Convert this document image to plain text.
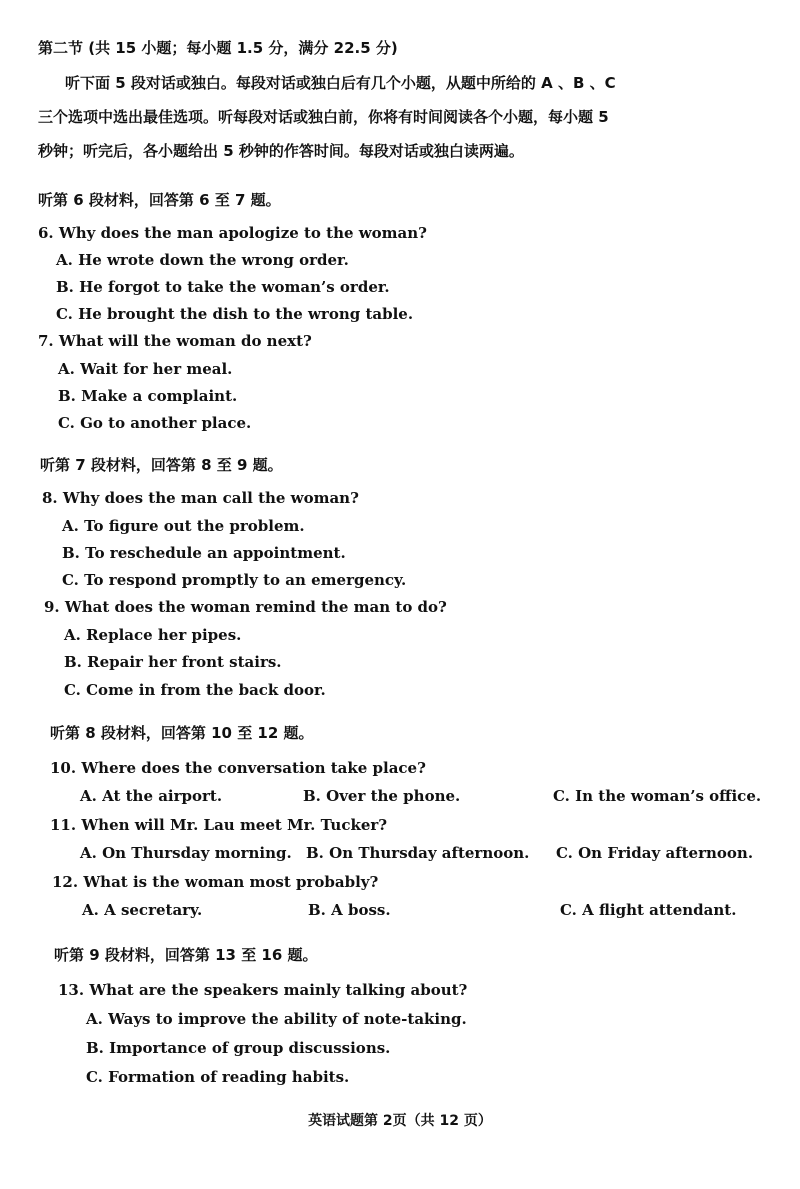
第二节 (共 15 小题；每小题 1.5 分，满分 22.5 分)
听下面 5 段对话或独白。每段对话或独白后有几个小题，从题中所给的 A 、B 、C
三个选项中选出最佳选项。听每段对话或独白前，你将有时间阅读各个小题，每小题 5
秒钟；听完后，各小题给出 5 秒钟的作答时间。每段对话或独白读两遍。
听第 6 段材料，回答第 6 至 7 题。
6. Why does the man apologize to the woman?
A. He wrote down the wrong order.
B. He forgot to take the woman’s order.
C. He brought the dish to the wrong table.
7. What will the woman do next?
A. Wait for her meal.
B. Make a complaint.
C. Go to another place.
听第 7 段材料，回答第 8 至 9 题。
8. Why does the man call the woman?
A. To figure out the problem.
B. To reschedule an appointment.
C. To respond promptly to an emergency.
9. What does the woman remind the man to do?
A. Replace her pipes.
B. Repair her front stairs.
C. Come in from the back door.
听第 8 段材料，回答第 10 至 12 题。
10. Where does the conversation take place?
A. At the airport.	B. Over the phone.	C. In the woman’s office.
11. When will Mr. Lau meet Mr. Tucker?
A. On Thursday morning. B. On Thursday afternoon. C. On Friday afternoon.
12. What is the woman most probably?
A. A secretary.	B. A boss.	C. A flight attendant.
听第 9 段材料，回答第 13 至 16 题。
13. What are the speakers mainly talking about?
A. Ways to improve the ability of note-taking.
B. Importance of group discussions.
C. Formation of reading habits.
英语试题第 2页（共 12 页）
